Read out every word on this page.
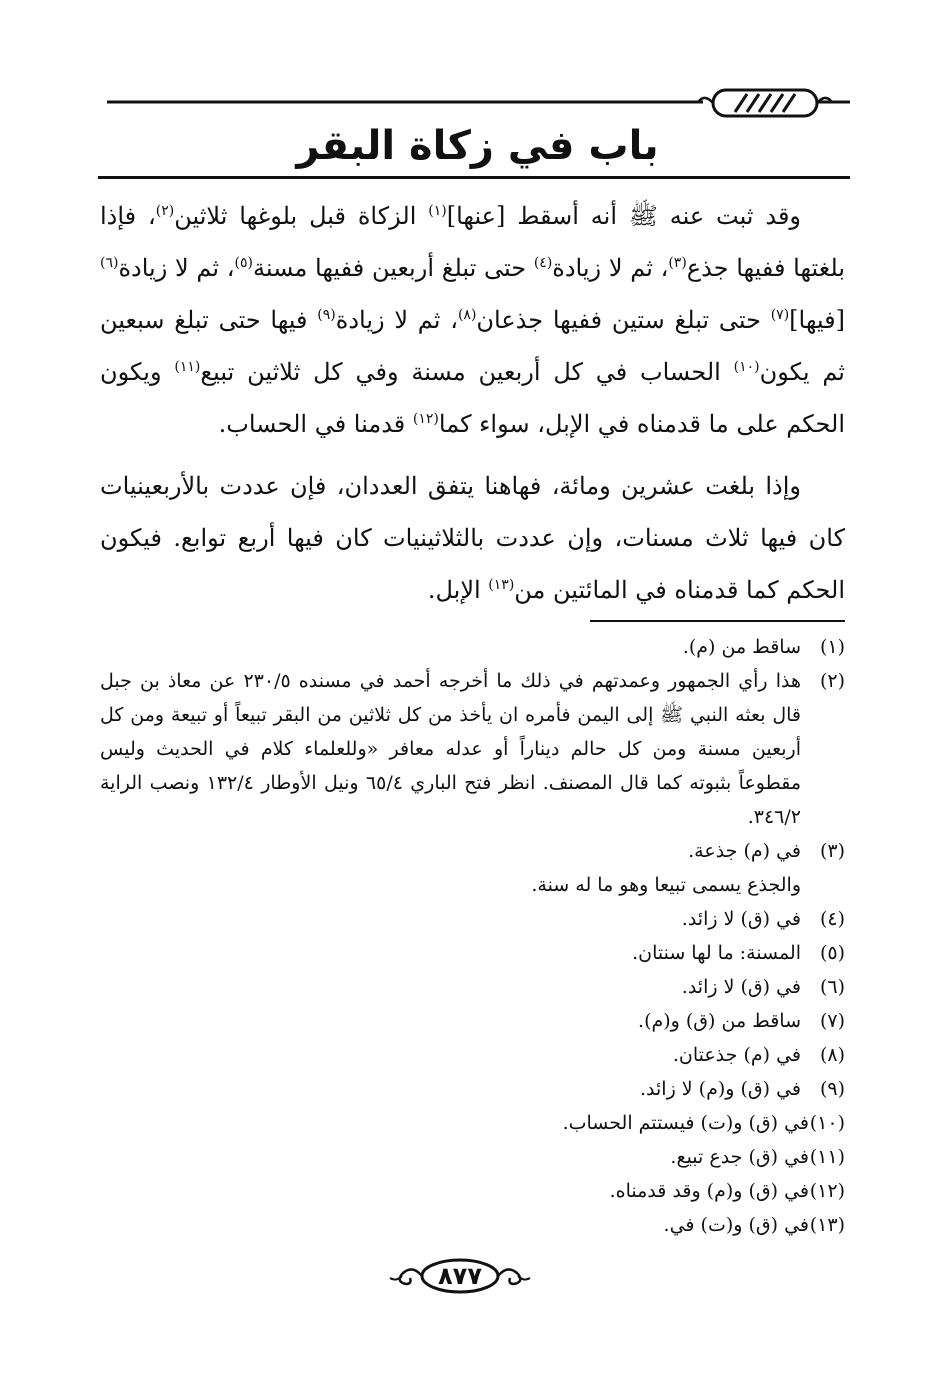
باب في زكاة البقر

وقد ثبت عنه ﷺ أنه أسقط [عنها]$^{(١)}$ الزكاة قبل بلوغها ثلاثين$^{(٢)}$، فإذا بلغتها ففيها جذع$^{(٣)}$، ثم لا زيادة$^{(٤)}$ حتى تبلغ أربعين ففيها مسنة$^{(٥)}$، ثم لا زيادة$^{(٦)}$ [فيها]$^{(٧)}$ حتى تبلغ ستين ففيها جذعان$^{(٨)}$، ثم لا زيادة$^{(٩)}$ فيها حتى تبلغ سبعين ثم يكون$^{(١٠)}$ الحساب في كل أربعين مسنة وفي كل ثلاثين تبيع$^{(١١)}$ ويكون الحكم على ما قدمناه في الإبل، سواء كما$^{(١٢)}$ قدمنا في الحساب.

وإذا بلغت عشرين ومائة، فهاهنا يتفق العددان، فإن عددت بالأربعينيات كان فيها ثلاث مسنات، وإن عددت بالثلاثينيات كان فيها أربع توابع. فيكون الحكم كما قدمناه في المائتين من$^{(١٣)}$ الإبل.

(١)
ساقط من (م).
(٢)
هذا رأي الجمهور وعمدتهم في ذلك ما أخرجه أحمد في مسنده ٢٣٠/٥ عن معاذ بن جبل قال بعثه النبي ﷺ إلى اليمن فأمره ان يأخذ من كل ثلاثين من البقر تبيعاً أو تبيعة ومن كل أربعين مسنة ومن كل حالم ديناراً أو عدله معافر «وللعلماء كلام في الحديث وليس مقطوعاً بثبوته كما قال المصنف. انظر فتح الباري ٦٥/٤ ونيل الأوطار ١٣٢/٤ ونصب الراية ٣٤٦/٢.
(٣)
في (م) جذعة.
والجذع يسمى تبيعا وهو ما له سنة.
(٤)
في (ق) لا زائد.
(٥)
المسنة: ما لها سنتان.
(٦)
في (ق) لا زائد.
(٧)
ساقط من (ق) و(م).
(٨)
في (م) جذعتان.
(٩)
في (ق) و(م) لا زائد.
(١٠)
في (ق) و(ت) فيستتم الحساب.
(١١)
في (ق) جدع تبيع.
(١٢)
في (ق) و(م) وقد قدمناه.
(١٣)
في (ق) و(ت) في.
٨٧٧
